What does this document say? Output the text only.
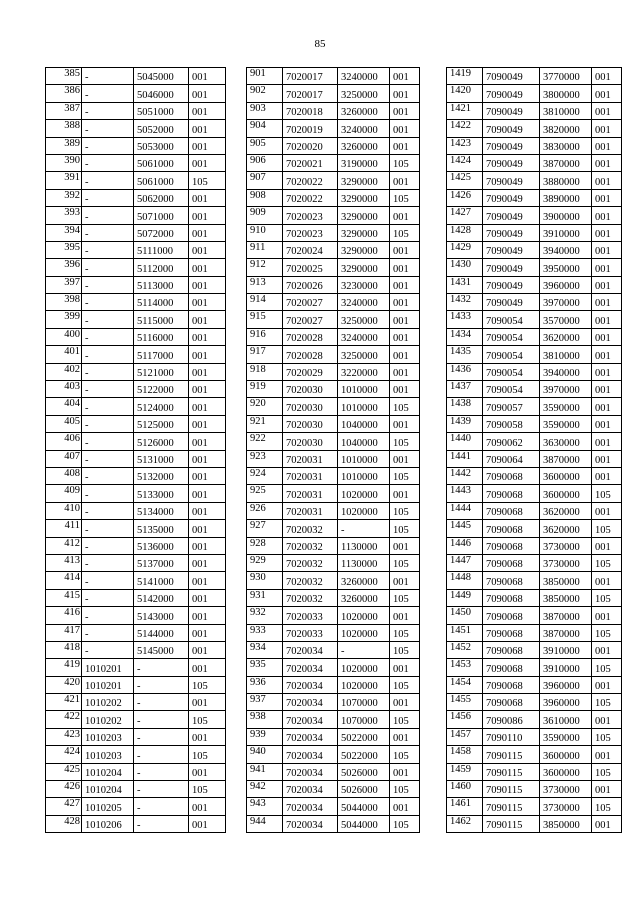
85
385	-	5045000	001
386	-	5046000	001
387	-	5051000	001
388	-	5052000	001
389	-	5053000	001
390	-	5061000	001
391	-	5061000	105
392	-	5062000	001
393	-	5071000	001
394	-	5072000	001
395	-	5111000	001
396	-	5112000	001
397	-	5113000	001
398	-	5114000	001
399	-	5115000	001
400	-	5116000	001
401	-	5117000	001
402	-	5121000	001
403	-	5122000	001
404	-	5124000	001
405	-	5125000	001
406	-	5126000	001
407	-	5131000	001
408	-	5132000	001
409	-	5133000	001
410	-	5134000	001
411	-	5135000	001
412	-	5136000	001
413	-	5137000	001
414	-	5141000	001
415	-	5142000	001
416	-	5143000	001
417	-	5144000	001
418	-	5145000	001
419	1010201	-	001
420	1010201	-	105
421	1010202	-	001
422	1010202	-	105
423	1010203	-	001
424	1010203	-	105
425	1010204	-	001
426	1010204	-	105
427	1010205	-	001
428	1010206	-	001
901	7020017	3240000	001
902	7020017	3250000	001
903	7020018	3260000	001
904	7020019	3240000	001
905	7020020	3260000	001
906	7020021	3190000	105
907	7020022	3290000	001
908	7020022	3290000	105
909	7020023	3290000	001
910	7020023	3290000	105
911	7020024	3290000	001
912	7020025	3290000	001
913	7020026	3230000	001
914	7020027	3240000	001
915	7020027	3250000	001
916	7020028	3240000	001
917	7020028	3250000	001
918	7020029	3220000	001
919	7020030	1010000	001
920	7020030	1010000	105
921	7020030	1040000	001
922	7020030	1040000	105
923	7020031	1010000	001
924	7020031	1010000	105
925	7020031	1020000	001
926	7020031	1020000	105
927	7020032	-	105
928	7020032	1130000	001
929	7020032	1130000	105
930	7020032	3260000	001
931	7020032	3260000	105
932	7020033	1020000	001
933	7020033	1020000	105
934	7020034	-	105
935	7020034	1020000	001
936	7020034	1020000	105
937	7020034	1070000	001
938	7020034	1070000	105
939	7020034	5022000	001
940	7020034	5022000	105
941	7020034	5026000	001
942	7020034	5026000	105
943	7020034	5044000	001
944	7020034	5044000	105
1419	7090049	3770000	001
1420	7090049	3800000	001
1421	7090049	3810000	001
1422	7090049	3820000	001
1423	7090049	3830000	001
1424	7090049	3870000	001
1425	7090049	3880000	001
1426	7090049	3890000	001
1427	7090049	3900000	001
1428	7090049	3910000	001
1429	7090049	3940000	001
1430	7090049	3950000	001
1431	7090049	3960000	001
1432	7090049	3970000	001
1433	7090054	3570000	001
1434	7090054	3620000	001
1435	7090054	3810000	001
1436	7090054	3940000	001
1437	7090054	3970000	001
1438	7090057	3590000	001
1439	7090058	3590000	001
1440	7090062	3630000	001
1441	7090064	3870000	001
1442	7090068	3600000	001
1443	7090068	3600000	105
1444	7090068	3620000	001
1445	7090068	3620000	105
1446	7090068	3730000	001
1447	7090068	3730000	105
1448	7090068	3850000	001
1449	7090068	3850000	105
1450	7090068	3870000	001
1451	7090068	3870000	105
1452	7090068	3910000	001
1453	7090068	3910000	105
1454	7090068	3960000	001
1455	7090068	3960000	105
1456	7090086	3610000	001
1457	7090110	3590000	105
1458	7090115	3600000	001
1459	7090115	3600000	105
1460	7090115	3730000	001
1461	7090115	3730000	105
1462	7090115	3850000	001
